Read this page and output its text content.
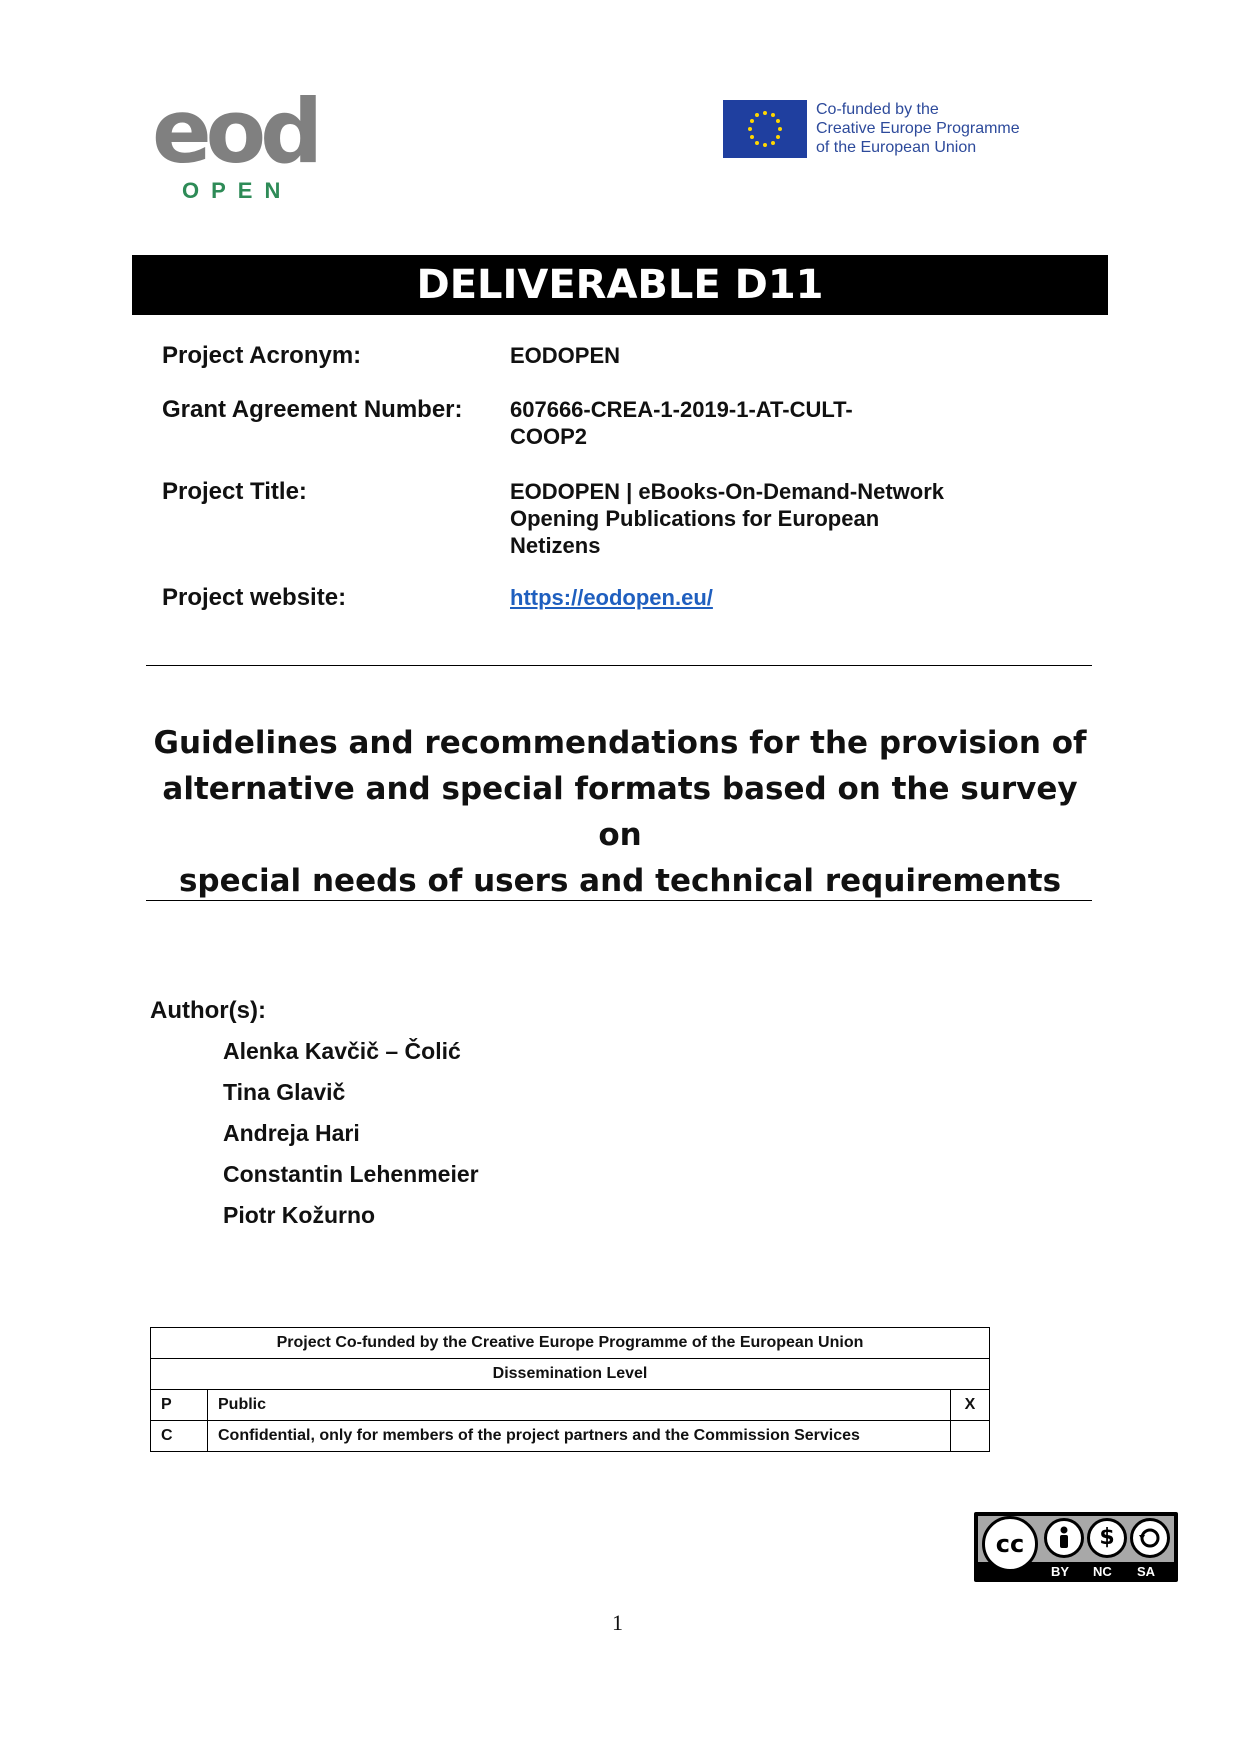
eod
OPEN
Co-funded by the
Creative Europe Programme
of the European Union
DELIVERABLE D11
Project Acronym:	EODOPEN
Grant Agreement Number:	607666-CREA-1-2019-1-AT-CULT-
COOP2
Project Title:	EODOPEN | eBooks-On-Demand-Network
Opening Publications for European
Netizens
Project website:	https://eodopen.eu/
Guidelines and recommendations for the provision of
alternative and special formats based on the survey on
special needs of users and technical requirements
Author(s):
Alenka Kavčič – Čolić
Tina Glavič
Andreja Hari
Constantin Lehenmeier
Piotr Kožurno
Project Co-funded by the Creative Europe Programme of the European Union		
Dissemination Level		
P	Public	X
C	Confidential, only for members of the project partners and the Commission Services	
cc	$
BY NC SA
1
